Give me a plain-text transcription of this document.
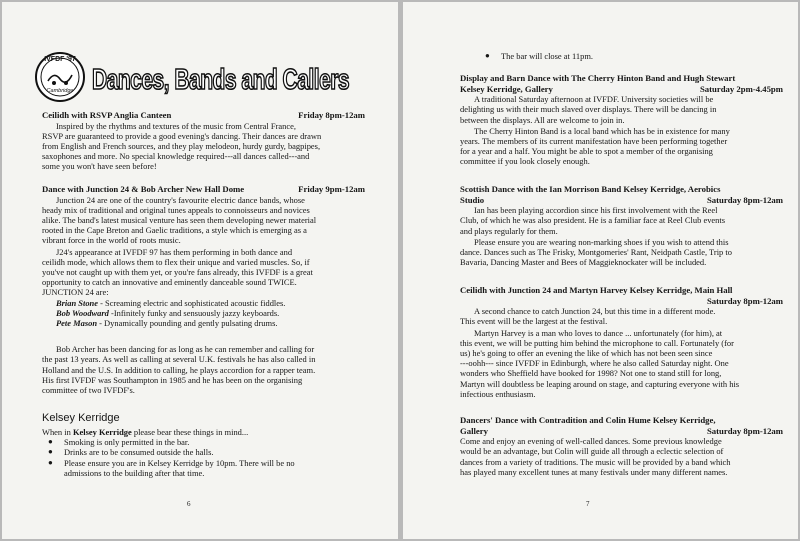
IVFDF '97
Cambridge Dances, Bands and Callers
Ceilidh with RSVP Anglia Canteen	Friday 8pm-12am

Inspired by the rhythms and textures of the music from Central France,

RSVP are guaranteed to provide a good evening's dancing. Their dances are drawn

from English and French sources, and they play melodeon, hurdy gurdy, bagpipes,

saxophones and more. No special knowledge required---all dances called---and

some you won't have seen before!

Dance with Junction 24 & Bob Archer New Hall Dome	Friday 9pm-12am

Junction 24 are one of the country's favourite electric dance bands, whose

heady mix of traditional and original tunes appeals to connoisseurs and novices

alike. The band's latest musical venture has seen them developing newer material

rooted in the Cape Breton and Gaelic traditions, a style which is emerging as a

vibrant force in the world of roots music.

J24's appearance at IVFDF 97 has them performing in both dance and

ceilidh mode, which allows them to flex their unique and varied muscles. So, if

you've not caught up with them yet, or you're fans already, this IVFDF is a great

opportunity to catch an innovative and eminently danceable sound TWICE.

JUNCTION 24 are:

Brian Stone - Screaming electric and sophisticated acoustic fiddles.

Bob Woodward -Infinitely funky and sensuously jazzy keyboards.

Pete Mason - Dynamically pounding and gently pulsating drums.

Bob Archer has been dancing for as long as he can remember and calling for

the past 13 years. As well as calling at several U.K. festivals he has also called in

Holland and the U.S. In addition to calling, he plays accordion for a rapper team.

His first IVFDF was Southampton in 1985 and he has been on the organising

committee of two IVFDF's.

Kelsey Kerridge

When in Kelsey Kerridge please bear these things in mind...

● Smoking is only permitted in the bar.
● Drinks are to be consumed outside the halls.
● Please ensure you are in Kelsey Kerridge by 10pm. There will be no
admissions to the building after that time.
6
● The bar will close at 11pm.
Display and Barn Dance with The Cherry Hinton Band and Hugh Stewart
Kelsey Kerridge, Gallery	Saturday 2pm-4.45pm

A traditional Saturday afternoon at IVFDF. University societies will be

delighting us with their much slaved over displays. There will be dancing in

between the displays. All are welcome to join in.

The Cherry Hinton Band is a local band which has be in existence for many

years. The members of its current manifestation have been performing together

for a year and a half. You might be able to spot a member of the organising

committee if you look closely enough.

Scottish Dance with the Ian Morrison Band Kelsey Kerridge, Aerobics
Studio	Saturday 8pm-12am

Ian has been playing accordion since his first involvement with the Reel

Club, of which he was also president. He is a familiar face at Reel Club events

and plays regularly for them.

Please ensure you are wearing non-marking shoes if you wish to attend this

dance. Dances such as The Frisky, Montgomeries' Rant, Neidpath Castle, Trip to

Bavaria, Dancing Master and Bees of Maggieknockater will be included.

Ceilidh with Junction 24 and Martyn Harvey Kelsey Kerridge, Main Hall
Saturday 8pm-12am

A second chance to catch Junction 24, but this time in a different mode.

This event will be the largest at the festival.

Martyn Harvey is a man who loves to dance ... unfortunately (for him), at

this event, we will be putting him behind the microphone to call. Fortunately (for

us) he's going to offer an evening the like of which has not been seen since

---oohh--- since IVFDF in Edinburgh, where he also called Saturday night. One

wonders who Sheffield have booked for 1998? Not one to stand still for long,

Martyn will doubtless be leaping around on stage, and capturing everyone with his

infectious enthusiasm.

Dancers' Dance with Contradition and Colin Hume Kelsey Kerridge,
Gallery	Saturday 8pm-12am

Come and enjoy an evening of well-called dances. Some previous knowledge

would be an advantage, but Colin will guide all through a eclectic selection of

dances from a variety of traditions. The music will be provided by a band which

has played many excellent tunes at many festivals under many different names.

7
